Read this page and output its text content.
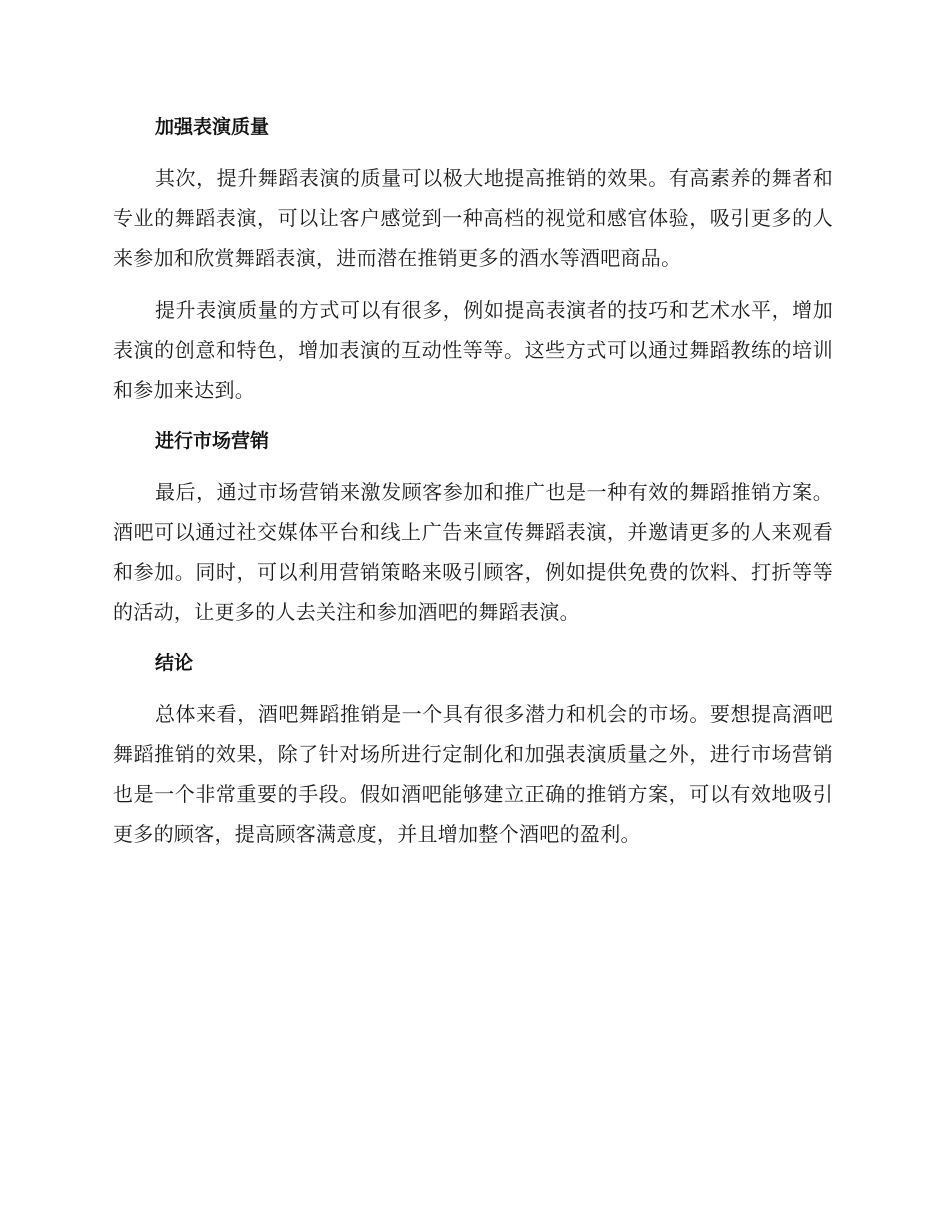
加强表演质量

其次，提升舞蹈表演的质量可以极大地提高推销的效果。有高素养的舞者和专业的舞蹈表演，可以让客户感觉到一种高档的视觉和感官体验，吸引更多的人来参加和欣赏舞蹈表演，进而潜在推销更多的酒水等酒吧商品。

提升表演质量的方式可以有很多，例如提高表演者的技巧和艺术水平，增加表演的创意和特色，增加表演的互动性等等。这些方式可以通过舞蹈教练的培训和参加来达到。

进行市场营销

最后，通过市场营销来激发顾客参加和推广也是一种有效的舞蹈推销方案。酒吧可以通过社交媒体平台和线上广告来宣传舞蹈表演，并邀请更多的人来观看和参加。同时，可以利用营销策略来吸引顾客，例如提供免费的饮料、打折等等的活动，让更多的人去关注和参加酒吧的舞蹈表演。

结论

总体来看，酒吧舞蹈推销是一个具有很多潜力和机会的市场。要想提高酒吧舞蹈推销的效果，除了针对场所进行定制化和加强表演质量之外，进行市场营销也是一个非常重要的手段。假如酒吧能够建立正确的推销方案，可以有效地吸引更多的顾客，提高顾客满意度，并且增加整个酒吧的盈利。
